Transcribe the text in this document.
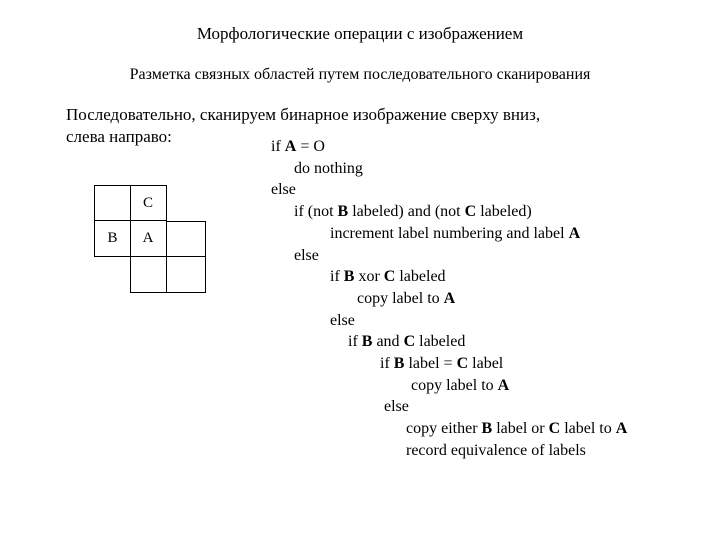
Морфологические операции с изображением
Разметка связных областей путем последовательного сканирования
Последовательно, сканируем бинарное изображение сверху вниз,
слева направо:
C
B A
if A = O
do nothing
else
if (not B labeled) and (not C labeled)
increment label numbering and label A
else
if B xor C labeled
copy label to A
else
if B and C labeled
if B label = C label
copy label to A
else
copy either B label or C label to A
record equivalence of labels
